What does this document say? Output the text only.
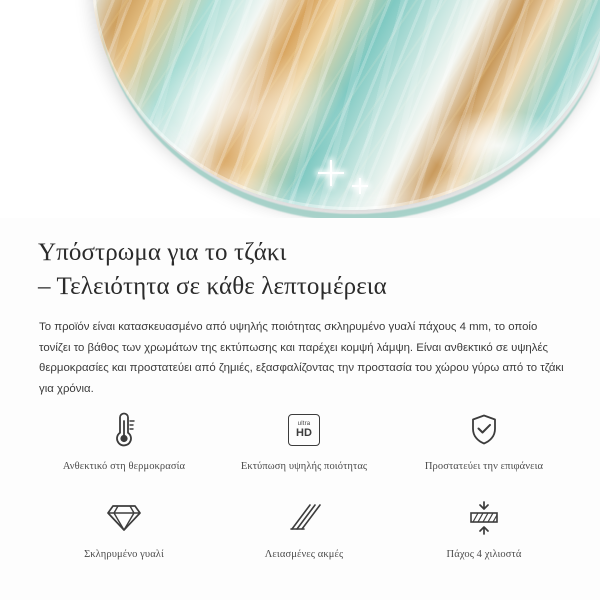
Υπόστρωμα για το τζάκι
– Τελειότητα σε κάθε λεπτομέρεια
Το προϊόν είναι κατασκευασμένο από υψηλής ποιότητας σκληρυμένο γυαλί πάχους 4 mm, το οποίο τονίζει το βάθος των χρωμάτων της εκτύπωσης και παρέχει κομψή λάμψη. Είναι ανθεκτικό σε υψηλές θερμοκρασίες και προστατεύει από ζημιές, εξασφαλίζοντας την προστασία του χώρου γύρω από το τζάκι για χρόνια.
Ανθεκτικό στη θερμοκρασία
ultra
HD
Εκτύπωση υψηλής ποιότητας	Προστατεύει την επιφάνεια
Σκληρυμένο γυαλί	Λειασμένες ακμές	Πάχος 4 χιλιοστά
